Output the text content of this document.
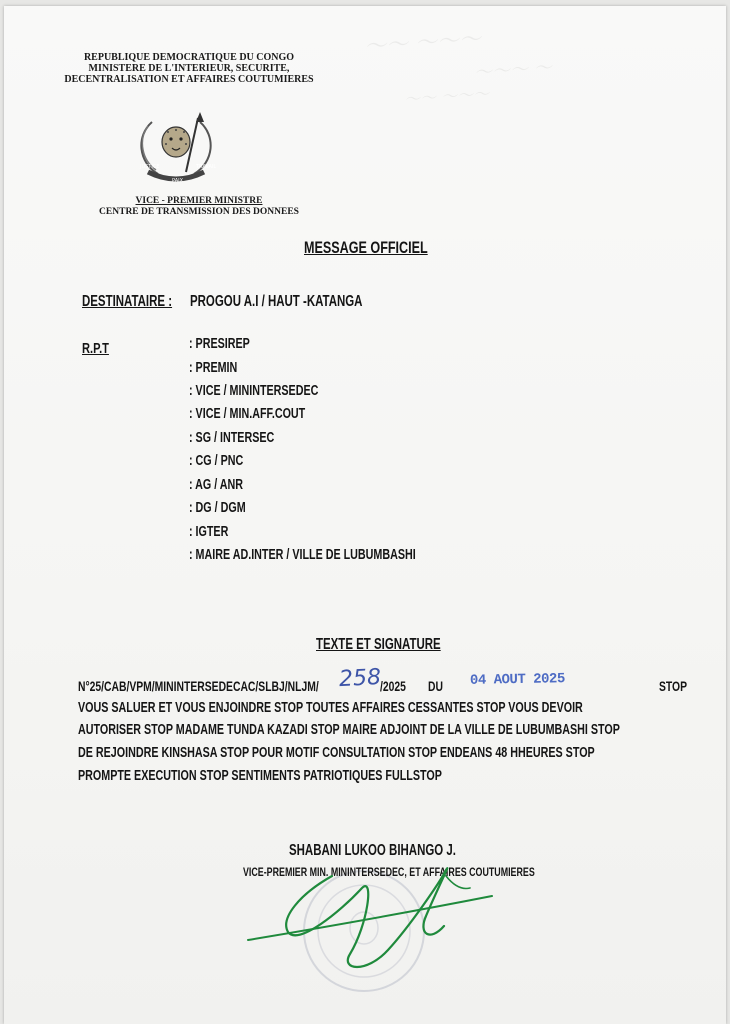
～～ ～～～
～～～ ～
～～ ～～～
REPUBLIQUE DEMOCRATIQUE DU CONGO
MINISTERE DE L'INTERIEUR, SECURITE,
DECENTRALISATION ET AFFAIRES COUTUMIERES
JUSTICE
PAIX
TRAVAIL
VICE - PREMIER MINISTRE
CENTRE DE TRANSMISSION DES DONNEES
MESSAGE OFFICIEL
DESTINATAIRE : PROGOU A.I / HAUT -KATANGA
R.P.T	: PRESIREP
: PREMIN
: VICE / MININTERSEDEC
: VICE / MIN.AFF.COUT
: SG / INTERSEC
: CG / PNC
: AG / ANR
: DG / DGM
: IGTER
: MAIRE AD.INTER / VILLE DE LUBUMBASHI
TEXTE ET SIGNATURE
N°25/CAB/VPM/MININTERSEDECAC/SLBJ/NLJM/ 258
/2025 DU 04 AOUT 2025	STOP
VOUS SALUER ET VOUS ENJOINDRE STOP TOUTES AFFAIRES CESSANTES STOP VOUS DEVOIR
AUTORISER STOP MADAME TUNDA KAZADI STOP MAIRE ADJOINT DE LA VILLE DE LUBUMBASHI STOP
DE REJOINDRE KINSHASA STOP POUR MOTIF CONSULTATION STOP ENDEANS 48 HHEURES STOP
PROMPTE EXECUTION STOP SENTIMENTS PATRIOTIQUES FULLSTOP
SHABANI LUKOO BIHANGO J.
VICE-PREMIER MIN. MININTERSEDEC, ET AFFAIRES COUTUMIERES
